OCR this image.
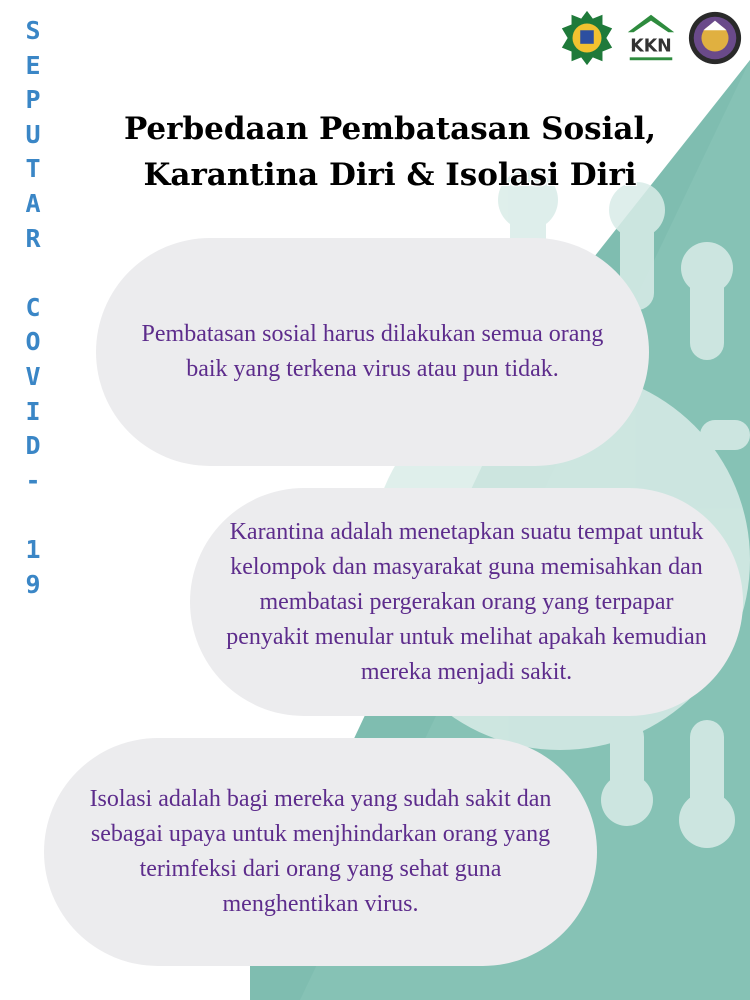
S
E
P
U
T
A
R
C
O
V
I
D
-
1
9
KKN
Perbedaan Pembatasan Sosial,
Karantina Diri & Isolasi Diri
Pembatasan sosial harus dilakukan semua orang baik yang terkena virus atau pun tidak.
Karantina adalah menetapkan suatu tempat untuk kelompok dan masyarakat guna memisahkan dan membatasi pergerakan orang yang terpapar penyakit menular untuk melihat apakah kemudian mereka menjadi sakit.
Isolasi adalah bagi mereka yang sudah sakit dan sebagai upaya untuk menjhindarkan orang yang terimfeksi dari orang yang sehat guna menghentikan virus.
